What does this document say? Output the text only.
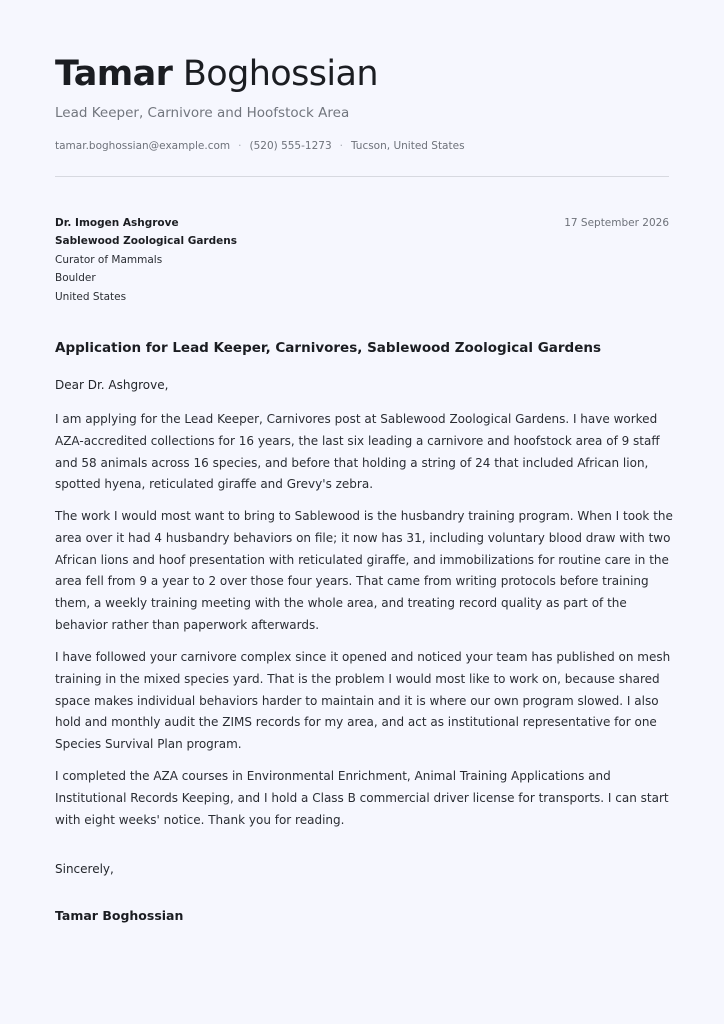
Tamar Boghossian
Lead Keeper, Carnivore and Hoofstock Area
tamar.boghossian@example.com · (520) 555-1273 · Tucson, United States
Dr. Imogen Ashgrove
Sablewood Zoological Gardens
Curator of Mammals
Boulder
United States
17 September 2026
Application for Lead Keeper, Carnivores, Sablewood Zoological Gardens
Dear Dr. Ashgrove,
I am applying for the Lead Keeper, Carnivores post at Sablewood Zoological Gardens. I have worked AZA-accredited collections for 16 years, the last six leading a carnivore and hoofstock area of 9 staff and 58 animals across 16 species, and before that holding a string of 24 that included African lion, spotted hyena, reticulated giraffe and Grevy's zebra.
The work I would most want to bring to Sablewood is the husbandry training program. When I took the area over it had 4 husbandry behaviors on file; it now has 31, including voluntary blood draw with two African lions and hoof presentation with reticulated giraffe, and immobilizations for routine care in the area fell from 9 a year to 2 over those four years. That came from writing protocols before training them, a weekly training meeting with the whole area, and treating record quality as part of the behavior rather than paperwork afterwards.
I have followed your carnivore complex since it opened and noticed your team has published on mesh training in the mixed species yard. That is the problem I would most like to work on, because shared space makes individual behaviors harder to maintain and it is where our own program slowed. I also hold and monthly audit the ZIMS records for my area, and act as institutional representative for one Species Survival Plan program.
I completed the AZA courses in Environmental Enrichment, Animal Training Applications and Institutional Records Keeping, and I hold a Class B commercial driver license for transports. I can start with eight weeks' notice. Thank you for reading.
Sincerely,
Tamar Boghossian
